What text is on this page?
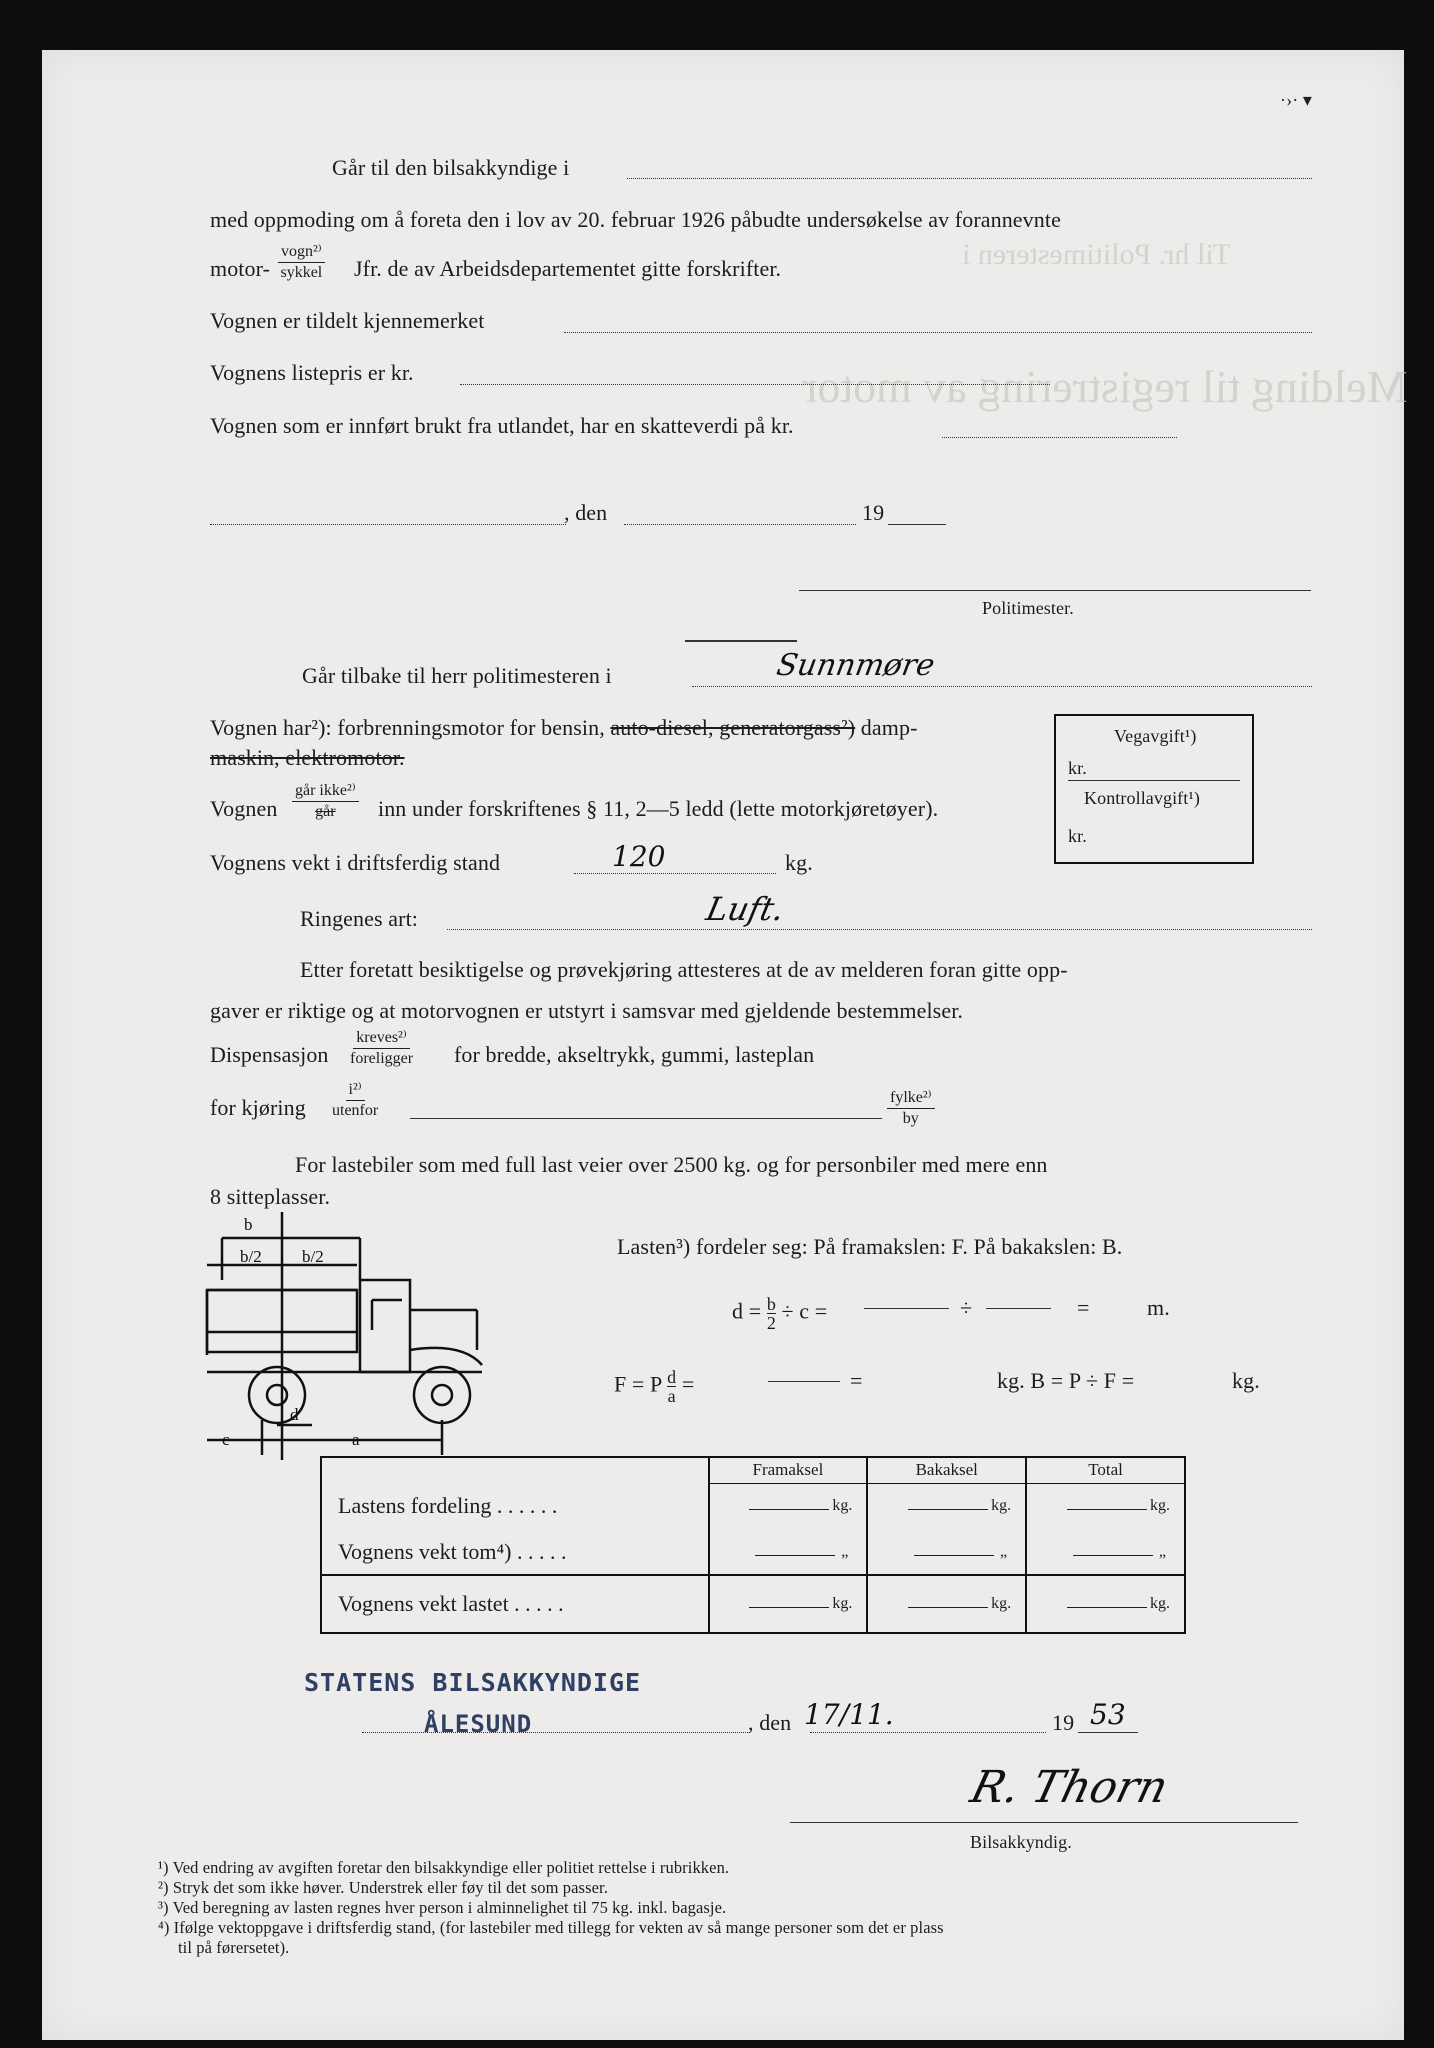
Melding til registrering av motor
Til hr. Politimesteren i
·›· ▾
Går til den bilsakkyndige i
med oppmoding om å foreta den i lov av 20. februar 1926 påbudte undersøkelse av forannevnte
motor-
vogn²⁾
sykkel Jfr. de av Arbeidsdepartementet gitte forskrifter.
Vognen er tildelt kjennemerket
Vognens listepris er kr.
Vognen som er innført brukt fra utlandet, har en skatteverdi på kr.
, den	19
Politimester.
Går tilbake til herr politimesteren i	Sunnmøre
Vognen har²): forbrenningsmotor for bensin, auto-diesel, generatorgass²) damp-
maskin, elektromotor.
Vognen
går ikke²⁾
går inn under forskriftenes § 11, 2—5 ledd (lette motorkjøretøyer).
Vognens vekt i driftsferdig stand	120	kg.
Ringenes art:	Luft.
Vegavgift¹)
kr.
Kontrollavgift¹)
kr.
Etter foretatt besiktigelse og prøvekjøring attesteres at de av melderen foran gitte opp-
gaver er riktige og at motorvognen er utstyrt i samsvar med gjeldende bestemmelser.
Dispensasjon
kreves²⁾
foreligger for bredde, akseltrykk, gummi, lasteplan
for kjøring
i²⁾
utenfor
fylke²⁾
by
For lastebiler som med full last veier over 2500 kg. og for personbiler med mere enn
8 sitteplasser.
b
b/2 b/2
c
d
a
Lasten³) fordeler seg: På framakslen: F. På bakakslen: B.
$d = \frac{b}{2} \div c$ =	÷	=	m.
F = P $\frac{d}{a}$ =	=	kg. B = P ÷ F =	kg.
	Framaksel	Bakaksel	Total
Lastens fordeling . . . . . .	kg.	kg.	kg.
Vognens vekt tom⁴) . . . . .	„	„	„
Vognens vekt lastet . . . . .	kg.	kg.	kg.
STATENS BILSAKKYNDIGE
ÅLESUND	, den 17/11.	19 53
R. Thorn
Bilsakkyndig.
¹) Ved endring av avgiften foretar den bilsakkyndige eller politiet rettelse i rubrikken.
²) Stryk det som ikke høver. Understrek eller føy til det som passer.
³) Ved beregning av lasten regnes hver person i alminnelighet til 75 kg. inkl. bagasje.
⁴) Ifølge vektoppgave i driftsferdig stand, (for lastebiler med tillegg for vekten av så mange personer som det er plass
til på førersetet).
